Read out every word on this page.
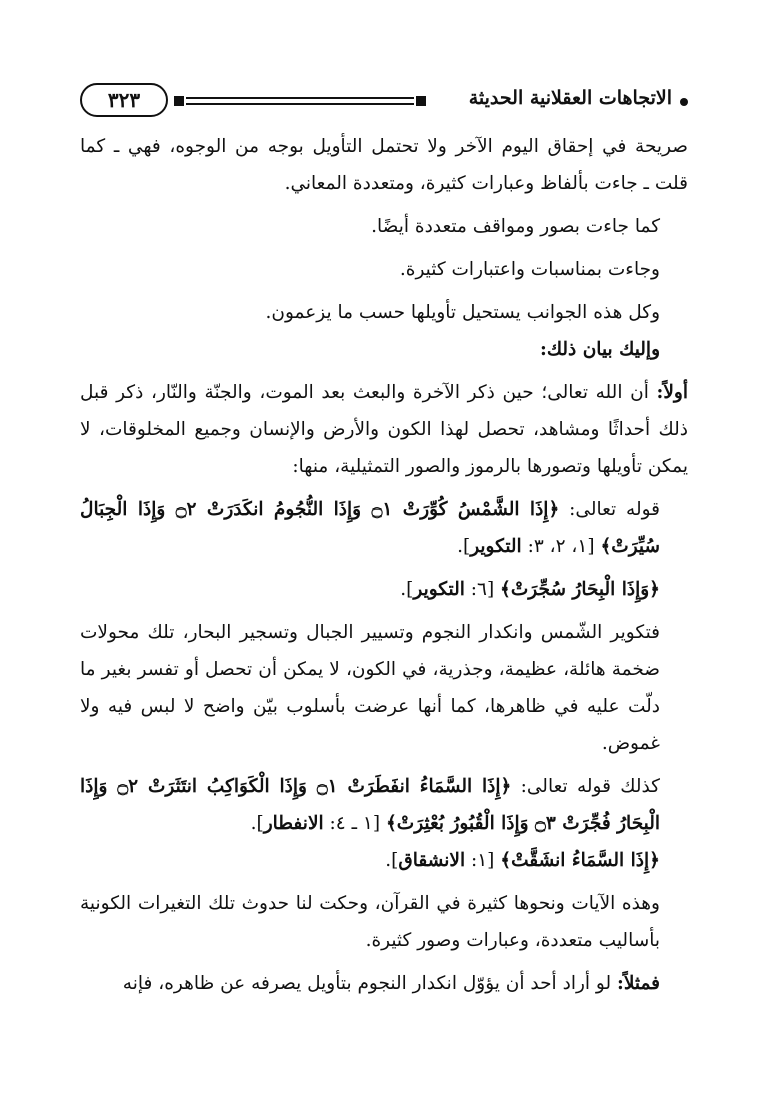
الاتجاهات العقلانية الحديثة
٣٢٣

صريحة في إحقاق اليوم الآخر ولا تحتمل التأويل بوجه من الوجوه، فهي ـ كما قلت ـ جاءت بألفاظ وعبارات كثيرة، ومتعددة المعاني.

كما جاءت بصور ومواقف متعددة أيضًا.

وجاءت بمناسبات واعتبارات كثيرة.

وكل هذه الجوانب يستحيل تأويلها حسب ما يزعمون.

وإليك بيان ذلك:

أولاً: أن الله تعالى؛ حين ذكر الآخرة والبعث بعد الموت، والجنّة والنّار، ذكر قبل ذلك أحداثًا ومشاهد، تحصل لهذا الكون والأرض والإنسان وجميع المخلوقات، لا يمكن تأويلها وتصورها بالرموز والصور التمثيلية، منها:

قوله تعالى: ﴿إِذَا الشَّمْسُ كُوِّرَتْ ۝١ وَإِذَا النُّجُومُ انكَدَرَتْ ۝٢ وَإِذَا الْجِبَالُ سُيِّرَتْ﴾ [١، ٢، ٣: التكوير].

﴿وَإِذَا الْبِحَارُ سُجِّرَتْ﴾ [٦: التكوير].

فتكوير الشّمس وانكدار النجوم وتسيير الجبال وتسجير البحار، تلك محولات ضخمة هائلة، عظيمة، وجذرية، في الكون، لا يمكن أن تحصل أو تفسر بغير ما دلّت عليه في ظاهرها، كما أنها عرضت بأسلوب بيّن واضح لا لبس فيه ولا غموض.

كذلك قوله تعالى: ﴿إِذَا السَّمَاءُ انفَطَرَتْ ۝١ وَإِذَا الْكَوَاكِبُ انتَثَرَتْ ۝٢ وَإِذَا الْبِحَارُ فُجِّرَتْ ۝٣ وَإِذَا الْقُبُورُ بُعْثِرَتْ﴾ [١ ـ ٤: الانفطار].

﴿إِذَا السَّمَاءُ انشَقَّتْ﴾ [١: الانشقاق].

وهذه الآيات ونحوها كثيرة في القرآن، وحكت لنا حدوث تلك التغيرات الكونية بأساليب متعددة، وعبارات وصور كثيرة.

فمثلاً: لو أراد أحد أن يؤوّل انكدار النجوم بتأويل يصرفه عن ظاهره، فإنه
